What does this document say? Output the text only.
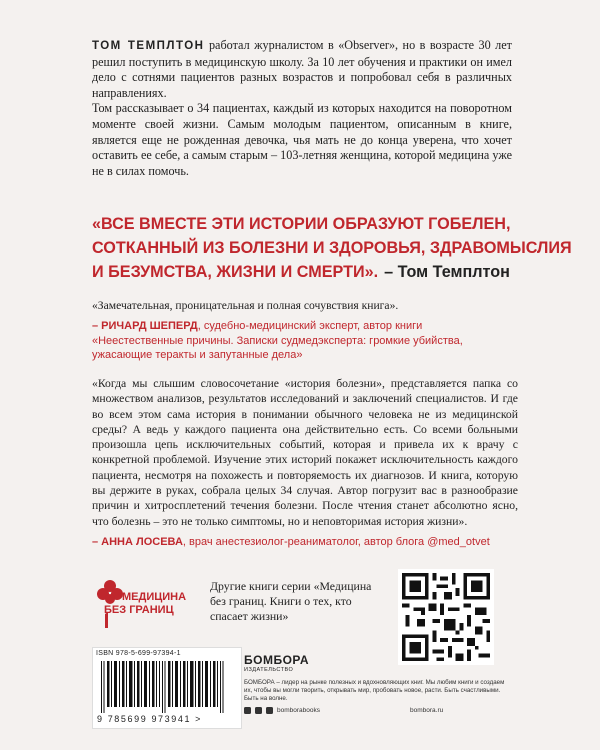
ТОМ ТЕМПЛТОН работал журналистом в «Observer», но в возрасте 30 лет решил поступить в медицинскую школу. За 10 лет обучения и практики он имел дело с сотнями пациентов разных возрастов и попробовал себя в различных направлениях.

Том рассказывает о 34 пациентах, каждый из которых находится на поворотном моменте своей жизни. Самым молодым пациентом, описанным в книге, является еще не рожденная девочка, чья мать не до конца уверена, что хочет оставить ее себе, а самым старым – 103-летняя женщина, которой медицина уже не в силах помочь.

«ВСЕ ВМЕСТЕ ЭТИ ИСТОРИИ ОБРАЗУЮТ ГОБЕЛЕН,
СОТКАННЫЙ ИЗ БОЛЕЗНИ И ЗДОРОВЬЯ, ЗДРАВОМЫСЛИЯ
И БЕЗУМСТВА, ЖИЗНИ И СМЕРТИ». – Том Темплтон

«Замечательная, проницательная и полная сочувствия книга».

– РИЧАРД ШЕПЕРД, судебно-медицинский эксперт, автор книги
«Неестественные причины. Записки судмедэксперта: громкие убийства, ужасающие теракты и запутанные дела»

«Когда мы слышим словосочетание «история болезни», представляется папка со множеством анализов, результатов исследований и заключений специалистов. И где во всем этом сама история в понимании обычного человека не из медицинской среды? А ведь у каждого пациента она действительно есть. Со всеми больными произошла цепь исключительных событий, которая и привела их к врачу с конкретной проблемой. Изучение этих историй покажет исключительность каждого пациента, несмотря на похожесть и повторяемость их диагнозов. И книга, которую вы держите в руках, собрала целых 34 случая. Автор погрузит вас в разнообразие причин и хитросплетений течения болезни. После чтения станет абсолютно ясно, что болезнь – это не только симптомы, но и неповторимая история жизни».

– АННА ЛОСЕВА, врач анестезиолог-реаниматолог, автор блога @med_otvet
МЕДИЦИНА
БЕЗ ГРАНИЦ
Другие книги серии «Медицина без границ. Книги о тех, кто спасает жизни»
ISBN 978-5-699-97394-1
9 785699 973941 >
БОМБОРА
ИЗДАТЕЛЬСТВО
БОМБОРА – лидер на рынке полезных и вдохновляющих книг. Мы любим книги и создаем их, чтобы вы могли творить, открывать мир, пробовать новое, расти. Быть счастливыми. Быть на волне.
bomborabooks	bombora.ru
